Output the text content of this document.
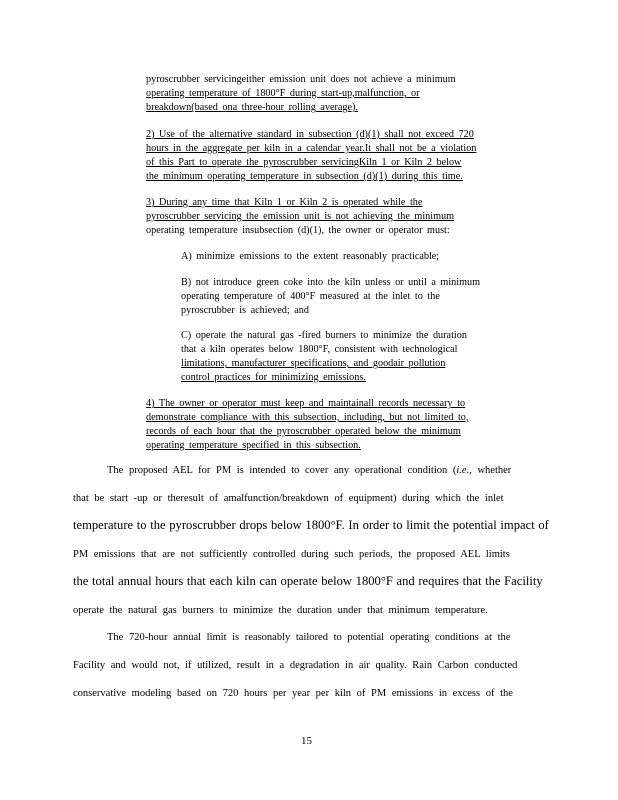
pyroscrubber servicingeither emission unit does not achieve a minimum
operating temperature of 1800°F during start-up,malfunction, or
breakdown(based ona three-hour rolling average).
2) Use of the alternative standard in subsection (d)(1) shall not exceed 720
hours in the aggregate per kiln in a calendar year.It shall not be a violation
of this Part to operate the pyroscrubber servicingKiln 1 or Kiln 2 below
the minimum operating temperature in subsection (d)(1) during this time.
3) During any time that Kiln 1 or Kiln 2 is operated while the
pyroscrubber servicing the emission unit is not achieving the minimum
operating temperature insubsection (d)(1), the owner or operator must:
A) minimize emissions to the extent reasonably practicable;
B) not introduce green coke into the kiln unless or until a minimum
operating temperature of 400°F measured at the inlet to the
pyroscrubber is achieved; and
C) operate the natural gas -fired burners to minimize the duration
that a kiln operates below 1800°F, consistent with technological
limitations, manufacturer specifications, and goodair pollution
control practices for minimizing emissions.
4) The owner or operator must keep and maintainall records necessary to
demonstrate compliance with this subsection, including, but not limited to,
records of each hour that the pyroscrubber operated below the minimum
operating temperature specified in this subsection.
The proposed AEL for PM is intended to cover any operational condition (i.e., whether
that be start -up or theresult of amalfunction/breakdown of equipment) during which the inlet
temperature to the pyroscrubber drops below 1800°F. In order to limit the potential impact of
PM emissions that are not sufficiently controlled during such periods, the proposed AEL limits
the total annual hours that each kiln can operate below 1800°F and requires that the Facility
operate the natural gas burners to minimize the duration under that minimum temperature.
The 720-hour annual limit is reasonably tailored to potential operating conditions at the
Facility and would not, if utilized, result in a degradation in air quality. Rain Carbon conducted
conservative modeling based on 720 hours per year per kiln of PM emissions in excess of the
15
